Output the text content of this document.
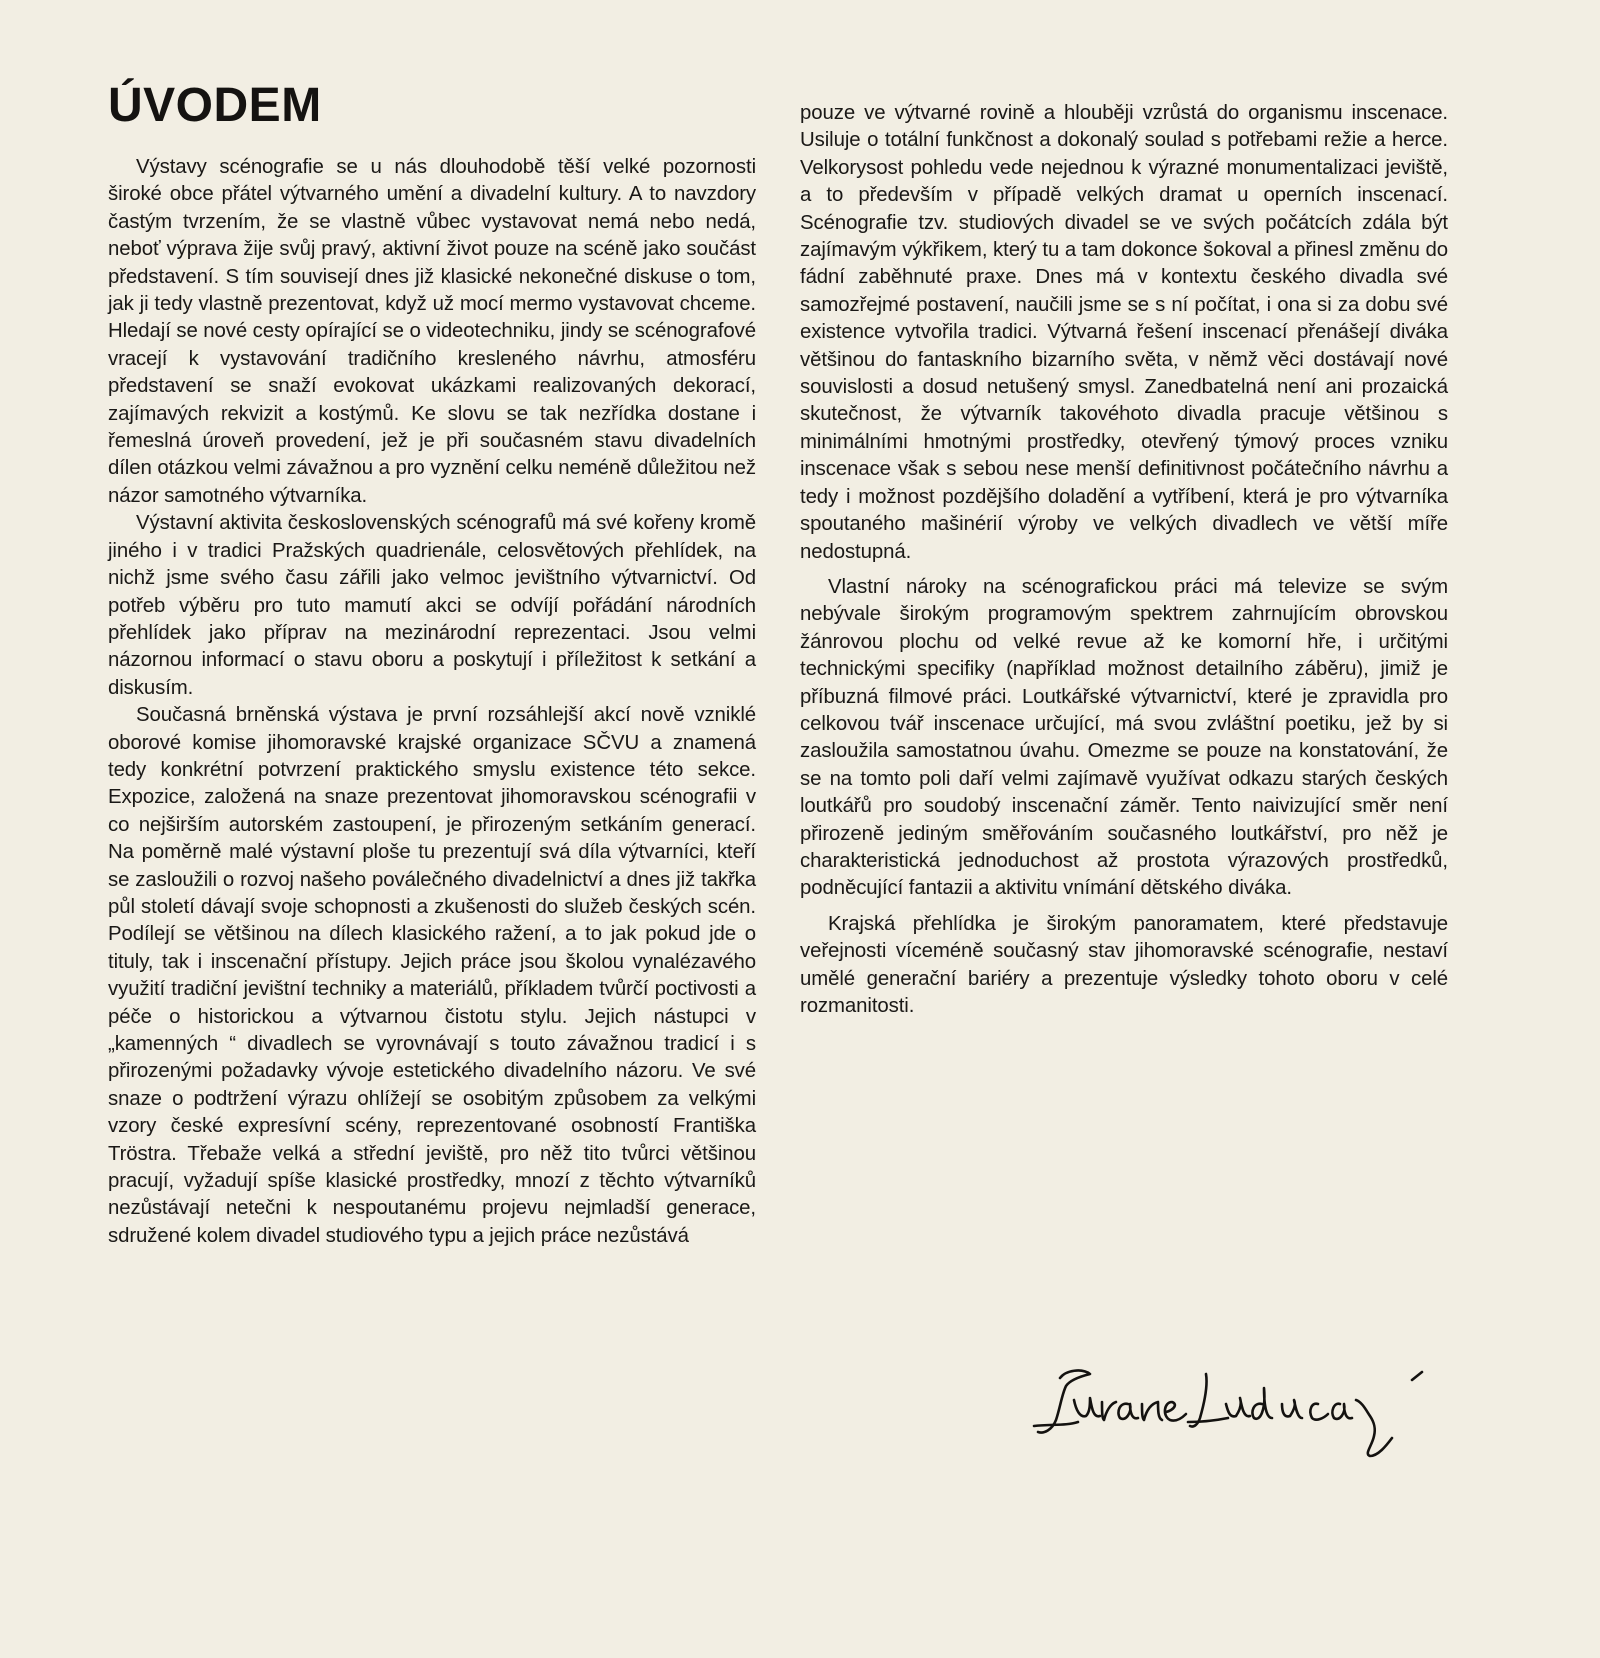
ÚVODEM

Výstavy scénografie se u nás dlouhodobě těší velké pozornosti široké obce přátel výtvarného umění a divadelní kultury. A to navzdory častým tvrzením, že se vlastně vůbec vystavovat nemá nebo nedá, neboť výprava žije svůj pravý, aktivní život pouze na scéně jako součást představení. S tím souvisejí dnes již klasické nekonečné diskuse o tom, jak ji tedy vlastně prezentovat, když už mocí mermo vystavovat chceme. Hledají se nové cesty opírající se o videotechniku, jindy se scénografové vracejí k vystavování tradičního kresleného návrhu, atmosféru představení se snaží evokovat ukázkami realizovaných dekorací, zajímavých rekvizit a kostýmů. Ke slovu se tak nezřídka dostane i řemeslná úroveň provedení, jež je při současném stavu divadelních dílen otázkou velmi závažnou a pro vyznění celku neméně důležitou než názor samotného výtvarníka.

Výstavní aktivita československých scénografů má své kořeny kromě jiného i v tradici Pražských quadrienále, celosvětových přehlídek, na nichž jsme svého času zářili jako velmoc jevištního výtvarnictví. Od potřeb výběru pro tuto mamutí akci se odvíjí pořádání národních přehlídek jako příprav na mezinárodní reprezentaci. Jsou velmi názornou informací o stavu oboru a poskytují i příležitost k setkání a diskusím.

Současná brněnská výstava je první rozsáhlejší akcí nově vzniklé oborové komise jihomoravské krajské organizace SČVU a znamená tedy konkrétní potvrzení praktického smyslu existence této sekce. Expozice, založená na snaze prezentovat jihomoravskou scénografii v co nejširším autorském zastoupení, je přirozeným setkáním generací. Na poměrně malé výstavní ploše tu prezentují svá díla výtvarníci, kteří se zasloužili o rozvoj našeho poválečného divadelnictví a dnes již takřka půl století dávají svoje schopnosti a zkušenosti do služeb českých scén. Podílejí se většinou na dílech klasického ražení, a to jak pokud jde o tituly, tak i inscenační přístupy. Jejich práce jsou školou vynalézavého využití tradiční jevištní techniky a materiálů, příkladem tvůrčí poctivosti a péče o historickou a výtvarnou čistotu stylu. Jejich nástupci v „kamenných “ divadlech se vyrovnávají s touto závažnou tradicí i s přirozenými požadavky vývoje estetického divadelního názoru. Ve své snaze o podtržení výrazu ohlížejí se osobitým způsobem za velkými vzory české expresívní scény, reprezentované osobností Františka Tröstra. Třebaže velká a střední jeviště, pro něž tito tvůrci většinou pracují, vyžadují spíše klasické prostředky, mnozí z těchto výtvarníků nezůstávají netečni k nespoutanému projevu nejmladší generace, sdružené kolem divadel studiového typu a jejich práce nezůstává

pouze ve výtvarné rovině a hlouběji vzrůstá do organismu inscenace. Usiluje o totální funkčnost a dokonalý soulad s potřebami režie a herce. Velkorysost pohledu vede nejednou k výrazné monumentalizaci jeviště, a to především v případě velkých dramat u operních inscenací. Scénografie tzv. studiových divadel se ve svých počátcích zdála být zajímavým výkřikem, který tu a tam dokonce šokoval a přinesl změnu do fádní zaběhnuté praxe. Dnes má v kontextu českého divadla své samozřejmé postavení, naučili jsme se s ní počítat, i ona si za dobu své existence vytvořila tradici. Výtvarná řešení inscenací přenášejí diváka většinou do fantaskního bizarního světa, v němž věci dostávají nové souvislosti a dosud netušený smysl. Zanedbatelná není ani prozaická skutečnost, že výtvarník takovéhoto divadla pracuje většinou s minimálními hmotnými prostředky, otevřený týmový proces vzniku inscenace však s sebou nese menší definitivnost počátečního návrhu a tedy i možnost pozdějšího doladění a vytříbení, která je pro výtvarníka spoutaného mašinérií výroby ve velkých divadlech ve větší míře nedostupná.

Vlastní nároky na scénografickou práci má televize se svým nebývale širokým programovým spektrem zahrnujícím obrovskou žánrovou plochu od velké revue až ke komorní hře, i určitými technickými specifiky (například možnost detailního záběru), jimiž je příbuzná filmové práci. Loutkářské výtvarnictví, které je zpravidla pro celkovou tvář inscenace určující, má svou zvláštní poetiku, jež by si zasloužila samostatnou úvahu. Omezme se pouze na konstatování, že se na tomto poli daří velmi zajímavě využívat odkazu starých českých loutkářů pro soudobý inscenační záměr. Tento naivizující směr není přirozeně jediným směřováním současného loutkářství, pro něž je charakteristická jednoduchost až prostota výrazových prostředků, podněcující fantazii a aktivitu vnímání dětského diváka.

Krajská přehlídka je širokým panoramatem, které představuje veřejnosti víceméně současný stav jihomoravské scénografie, nestaví umělé generační bariéry a prezentuje výsledky tohoto oboru v celé rozmanitosti.
